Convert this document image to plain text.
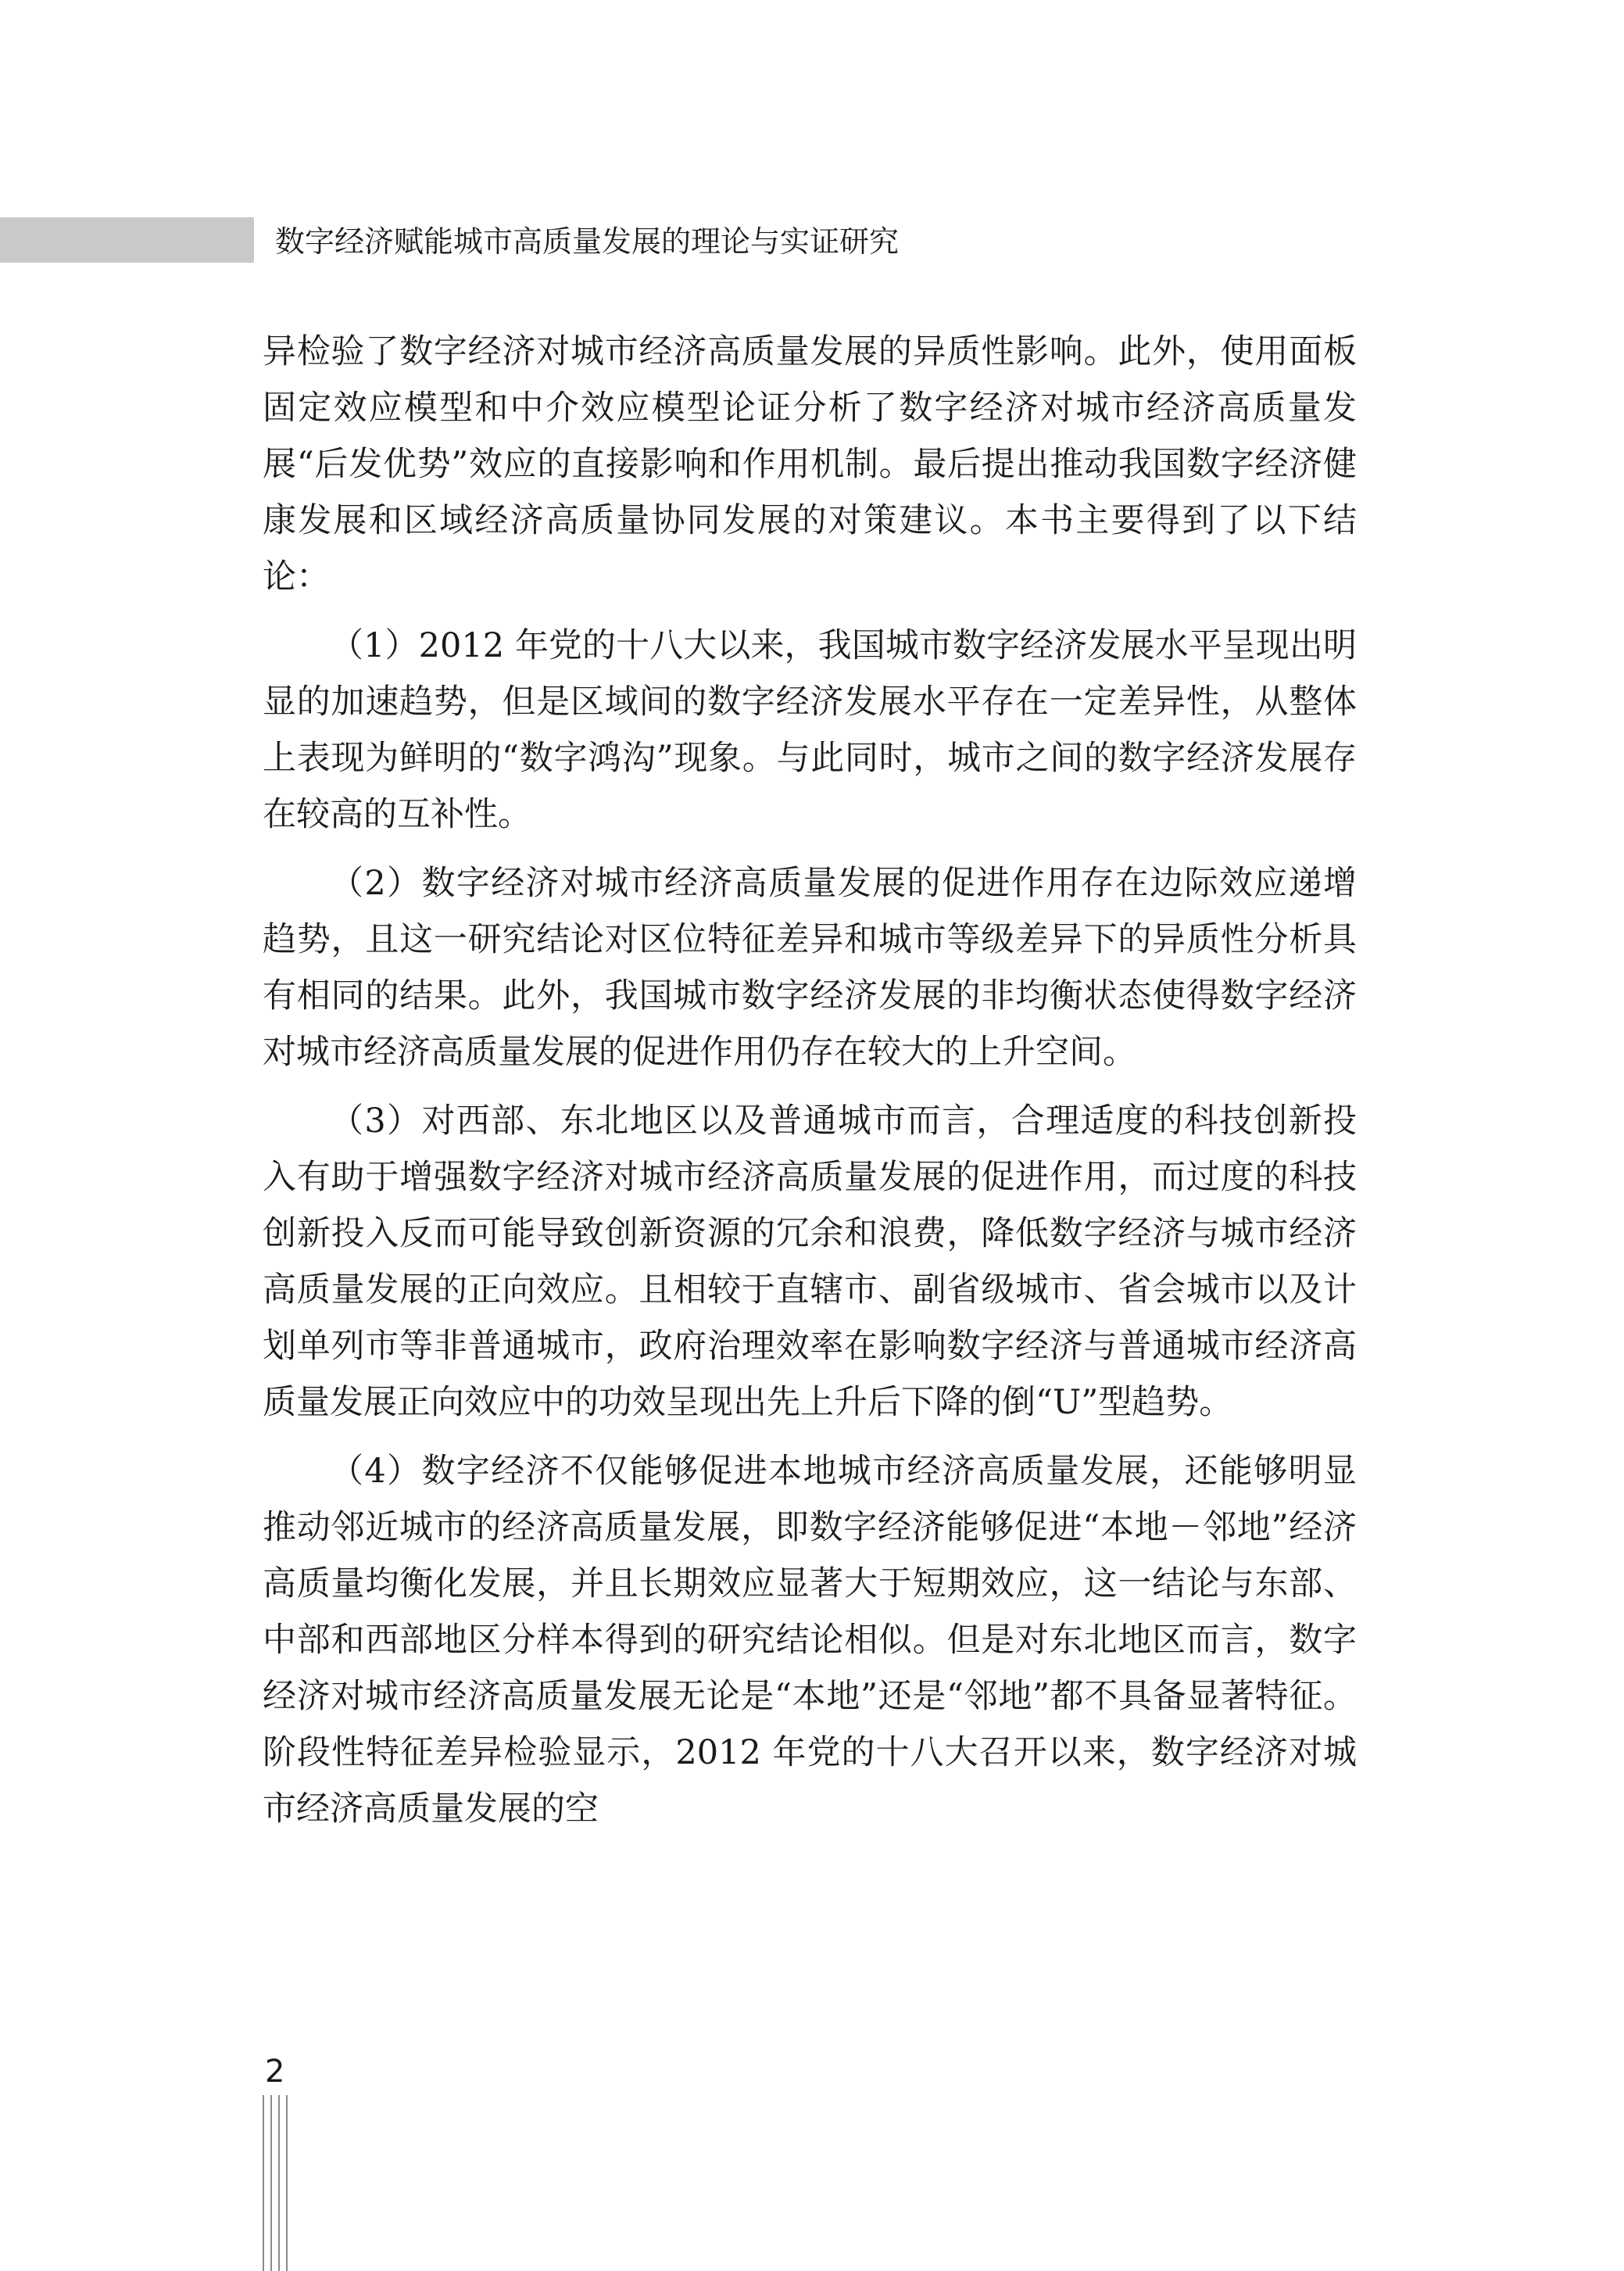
数字经济赋能城市高质量发展的理论与实证研究

异检验了数字经济对城市经济高质量发展的异质性影响。此外，使用面板固定效应模型和中介效应模型论证分析了数字经济对城市经济高质量发展“后发优势”效应的直接影响和作用机制。最后提出推动我国数字经济健康发展和区域经济高质量协同发展的对策建议。本书主要得到了以下结论：

（1）2012 年党的十八大以来，我国城市数字经济发展水平呈现出明显的加速趋势，但是区域间的数字经济发展水平存在一定差异性，从整体上表现为鲜明的“数字鸿沟”现象。与此同时，城市之间的数字经济发展存在较高的互补性。

（2）数字经济对城市经济高质量发展的促进作用存在边际效应递增趋势，且这一研究结论对区位特征差异和城市等级差异下的异质性分析具有相同的结果。此外，我国城市数字经济发展的非均衡状态使得数字经济对城市经济高质量发展的促进作用仍存在较大的上升空间。

（3）对西部、东北地区以及普通城市而言，合理适度的科技创新投入有助于增强数字经济对城市经济高质量发展的促进作用，而过度的科技创新投入反而可能导致创新资源的冗余和浪费，降低数字经济与城市经济高质量发展的正向效应。且相较于直辖市、副省级城市、省会城市以及计划单列市等非普通城市，政府治理效率在影响数字经济与普通城市经济高质量发展正向效应中的功效呈现出先上升后下降的倒“U”型趋势。

（4）数字经济不仅能够促进本地城市经济高质量发展，还能够明显推动邻近城市的经济高质量发展，即数字经济能够促进“本地－邻地”经济高质量均衡化发展，并且长期效应显著大于短期效应，这一结论与东部、中部和西部地区分样本得到的研究结论相似。但是对东北地区而言，数字经济对城市经济高质量发展无论是“本地”还是“邻地”都不具备显著特征。阶段性特征差异检验显示，2012 年党的十八大召开以来，数字经济对城市经济高质量发展的空

2
